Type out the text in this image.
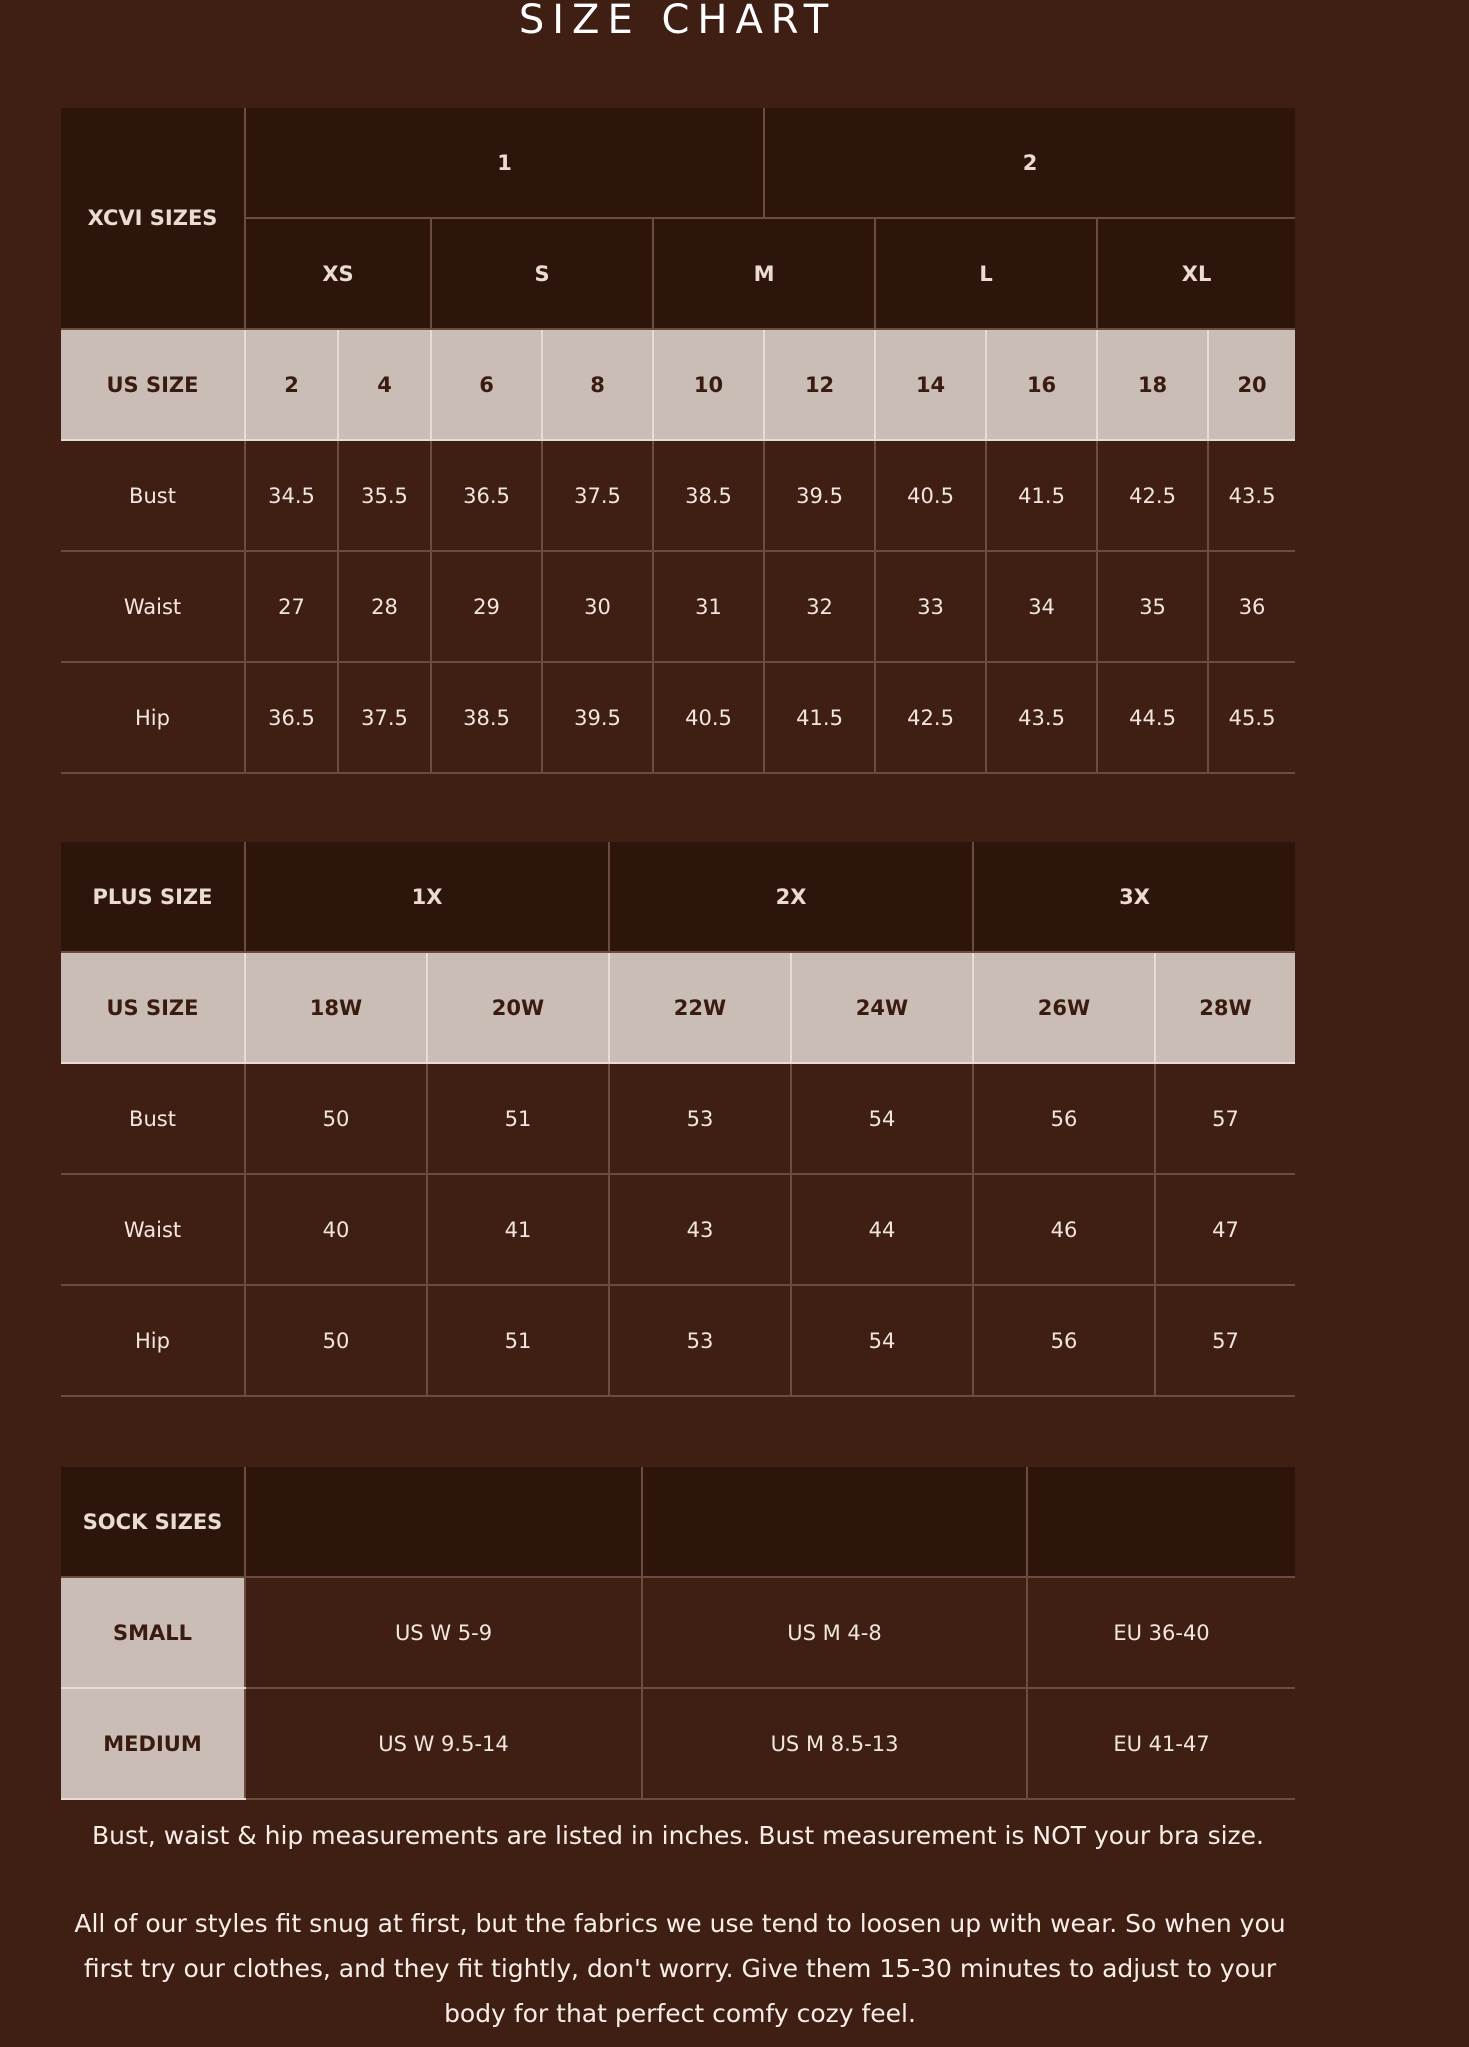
SIZE CHART
XCVI SIZES	1					2				
	XS		S		M		L		XL	
US SIZE	2	4	6	8	10	12	14	16	18	20
Bust	34.5	35.5	36.5	37.5	38.5	39.5	40.5	41.5	42.5	43.5
Waist	27	28	29	30	31	32	33	34	35	36
Hip	36.5	37.5	38.5	39.5	40.5	41.5	42.5	43.5	44.5	45.5
PLUS SIZE	1X		2X		3X	
US SIZE	18W	20W	22W	24W	26W	28W
Bust	50	51	53	54	56	57
Waist	40	41	43	44	46	47
Hip	50	51	53	54	56	57
SOCK SIZES			
SMALL	US W 5-9	US M 4-8	EU 36-40
MEDIUM	US W 9.5-14	US M 8.5-13	EU 41-47
Bust, waist & hip measurements are listed in inches. Bust measurement is NOT your bra size.
All of our styles fit snug at first, but the fabrics we use tend to loosen up with wear. So when you first try our clothes, and they fit tightly, don't worry. Give them 15-30 minutes to adjust to your body for that perfect comfy cozy feel.
